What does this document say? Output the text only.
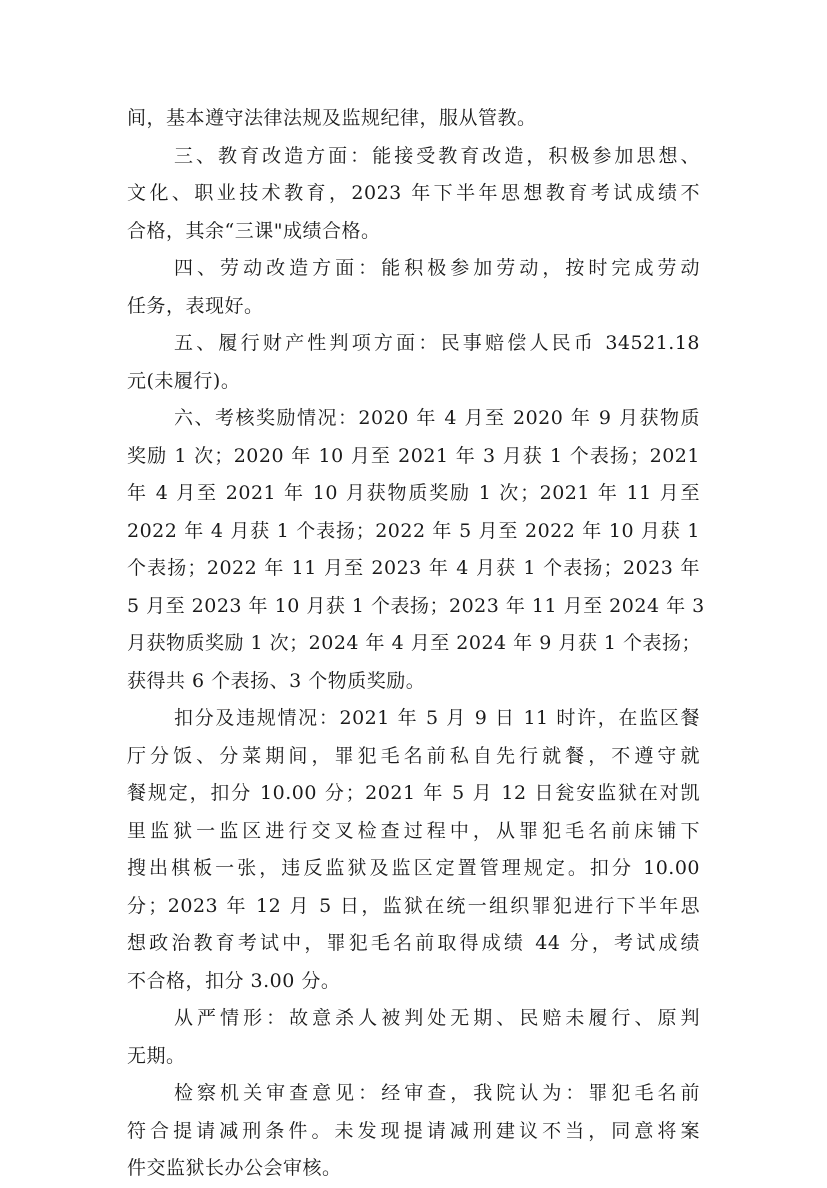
间，基本遵守法律法规及监规纪律，服从管教。
三、教育改造方面：能接受教育改造，积极参加思想、
文化、职业技术教育，2023 年下半年思想教育考试成绩不
合格，其余“三课"成绩合格。
四、劳动改造方面：能积极参加劳动，按时完成劳动
任务，表现好。
五、履行财产性判项方面：民事赔偿人民币 34521.18
元(未履行)。
六、考核奖励情况：2020 年 4 月至 2020 年 9 月获物质
奖励 1 次；2020 年 10 月至 2021 年 3 月获 1 个表扬；2021
年 4 月至 2021 年 10 月获物质奖励 1 次；2021 年 11 月至
2022 年 4 月获 1 个表扬；2022 年 5 月至 2022 年 10 月获 1
个表扬；2022 年 11 月至 2023 年 4 月获 1 个表扬；2023 年
5 月至 2023 年 10 月获 1 个表扬；2023 年 11 月至 2024 年 3
月获物质奖励 1 次；2024 年 4 月至 2024 年 9 月获 1 个表扬；
获得共 6 个表扬、3 个物质奖励。
扣分及违规情况：2021 年 5 月 9 日 11 时许，在监区餐
厅分饭、分菜期间，罪犯毛名前私自先行就餐，不遵守就
餐规定，扣分 10.00 分；2021 年 5 月 12 日瓮安监狱在对凯
里监狱一监区进行交叉检查过程中，从罪犯毛名前床铺下
搜出棋板一张，违反监狱及监区定置管理规定。扣分 10.00
分；2023 年 12 月 5 日，监狱在统一组织罪犯进行下半年思
想政治教育考试中，罪犯毛名前取得成绩 44 分，考试成绩
不合格，扣分 3.00 分。
从严情形：故意杀人被判处无期、民赔未履行、原判
无期。
检察机关审查意见：经审查，我院认为：罪犯毛名前
符合提请减刑条件。未发现提请减刑建议不当，同意将案
件交监狱长办公会审核。
